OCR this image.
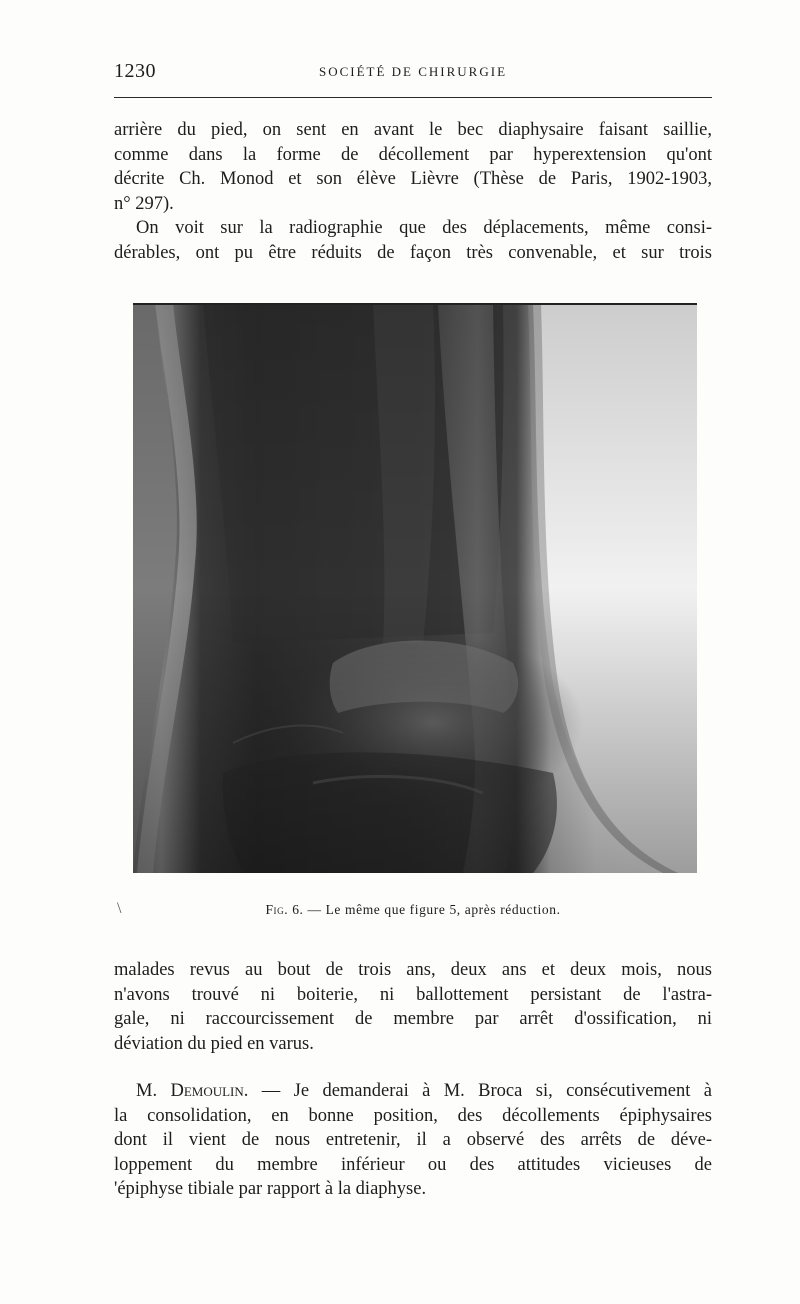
1230	SOCIÉTÉ DE CHIRURGIE
arrière du pied, on sent en avant le bec diaphysaire faisant saillie,
comme dans la forme de décollement par hyperextension qu'ont
décrite Ch. Monod et son élève Lièvre (Thèse de Paris, 1902-1903,
n° 297).
On voit sur la radiographie que des déplacements, même consi-
dérables, ont pu être réduits de façon très convenable, et sur trois
\	Fig. 6. — Le même que figure 5, après réduction.
malades revus au bout de trois ans, deux ans et deux mois, nous
n'avons trouvé ni boiterie, ni ballottement persistant de l'astra-
gale, ni raccourcissement de membre par arrêt d'ossification, ni
déviation du pied en varus.
M. Demoulin. — Je demanderai à M. Broca si, consécutivement à
la consolidation, en bonne position, des décollements épiphysaires
dont il vient de nous entretenir, il a observé des arrêts de déve-
loppement du membre inférieur ou des attitudes vicieuses de
'épiphyse tibiale par rapport à la diaphyse.
